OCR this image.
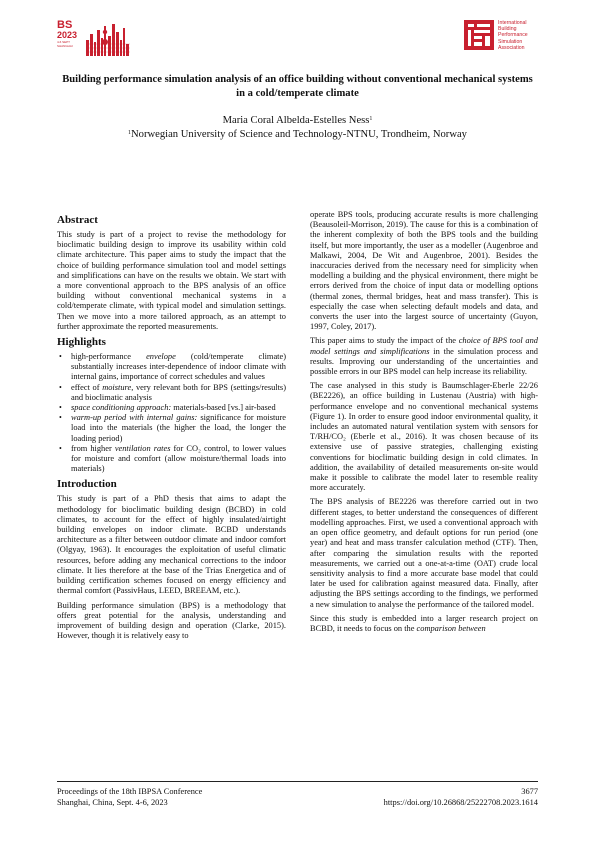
BS
2023
4-6 SEPT
SHANGHAI
International
Building
Performance
Simulation
Association
Building performance simulation analysis of an office building without conventional mechanical systems in a cold/temperate climate
Maria Coral Albelda-Estelles Ness$^1$
$^1$Norwegian University of Science and Technology-NTNU, Trondheim, Norway
Abstract

This study is part of a project to revise the methodology for bioclimatic building design to improve its usability within cold climate architecture. This paper aims to study the impact that the choice of building performance simulation tool and model settings and simplifications can have on the results we obtain. We start with a more conventional approach to the BPS analysis of an office building without conventional mechanical systems in a cold/temperate climate, with typical model and simulation settings. Then we move into a more tailored approach, as an attempt to further approximate the reported measurements.

Highlights
• high-performance envelope (cold/temperate climate) substantially increases inter-dependence of indoor climate with internal gains, importance of correct schedules and values
• effect of moisture, very relevant both for BPS (settings/results) and bioclimatic analysis
• space conditioning approach: materials-based [vs.] air-based
• warm-up period with internal gains: significance for moisture load into the materials (the higher the load, the longer the loading period)
• from higher ventilation rates for CO₂ control, to lower values for moisture and comfort (allow moisture/thermal loads into materials)
Introduction

This study is part of a PhD thesis that aims to adapt the methodology for bioclimatic building design (BCBD) in cold climates, to account for the effect of highly insulated/airtight building envelopes on indoor climate. BCBD understands architecture as a filter between outdoor climate and indoor comfort (Olgyay, 1963). It encourages the exploitation of useful climatic resources, before adding any mechanical corrections to the indoor climate. It lies therefore at the base of the Trias Energetica and of building certification schemes focused on energy efficiency and thermal comfort (PassivHaus, LEED, BREEAM, etc.).

Building performance simulation (BPS) is a methodology that offers great potential for the analysis, understanding and improvement of building design and operation (Clarke, 2015). However, though it is relatively easy to

operate BPS tools, producing accurate results is more challenging (Beausoleil-Morrison, 2019). The cause for this is a combination of the inherent complexity of both the BPS tools and the building itself, but more importantly, the user as a modeller (Augenbroe and Malkawi, 2004, De Wit and Augenbroe, 2001). Besides the inaccuracies derived from the necessary need for simplicity when modelling a building and the physical environment, there might be errors derived from the choice of input data or modelling options (thermal zones, thermal bridges, heat and mass transfer). This is especially the case when selecting default models and data, and converts the user into the largest source of uncertainty (Guyon, 1997, Coley, 2017).

This paper aims to study the impact of the choice of BPS tool and model settings and simplifications in the simulation process and results. Improving our understanding of the uncertainties and possible errors in our BPS model can help increase its reliability.

The case analysed in this study is Baumschlager-Eberle 22/26 (BE2226), an office building in Lustenau (Austria) with high-performance envelope and no conventional mechanical systems (Figure 1). In order to ensure good indoor environmental quality, it includes an automated natural ventilation system with sensors for T/RH/CO₂ (Eberle et al., 2016). It was chosen because of its extensive use of passive strategies, challenging existing conventions for bioclimatic building design in cold climates. In addition, the availability of detailed measurements on-site would make it possible to calibrate the model later to resemble reality more accurately.

The BPS analysis of BE2226 was therefore carried out in two different stages, to better understand the consequences of different modelling approaches. First, we used a conventional approach with an open office geometry, and default options for run period (one year) and heat and mass transfer calculation method (CTF). Then, after comparing the simulation results with the reported measurements, we carried out a one-at-a-time (OAT) crude local sensitivity analysis to find a more accurate base model that could later be used for calibration against measured data. Finally, after adjusting the BPS settings according to the findings, we performed a new simulation to analyse the performance of the tailored model.

Since this study is embedded into a larger research project on BCBD, it needs to focus on the comparison between

Proceedings of the 18th IBPSA Conference
Shanghai, China, Sept. 4-6, 2023
3677
https://doi.org/10.26868/25222708.2023.1614
